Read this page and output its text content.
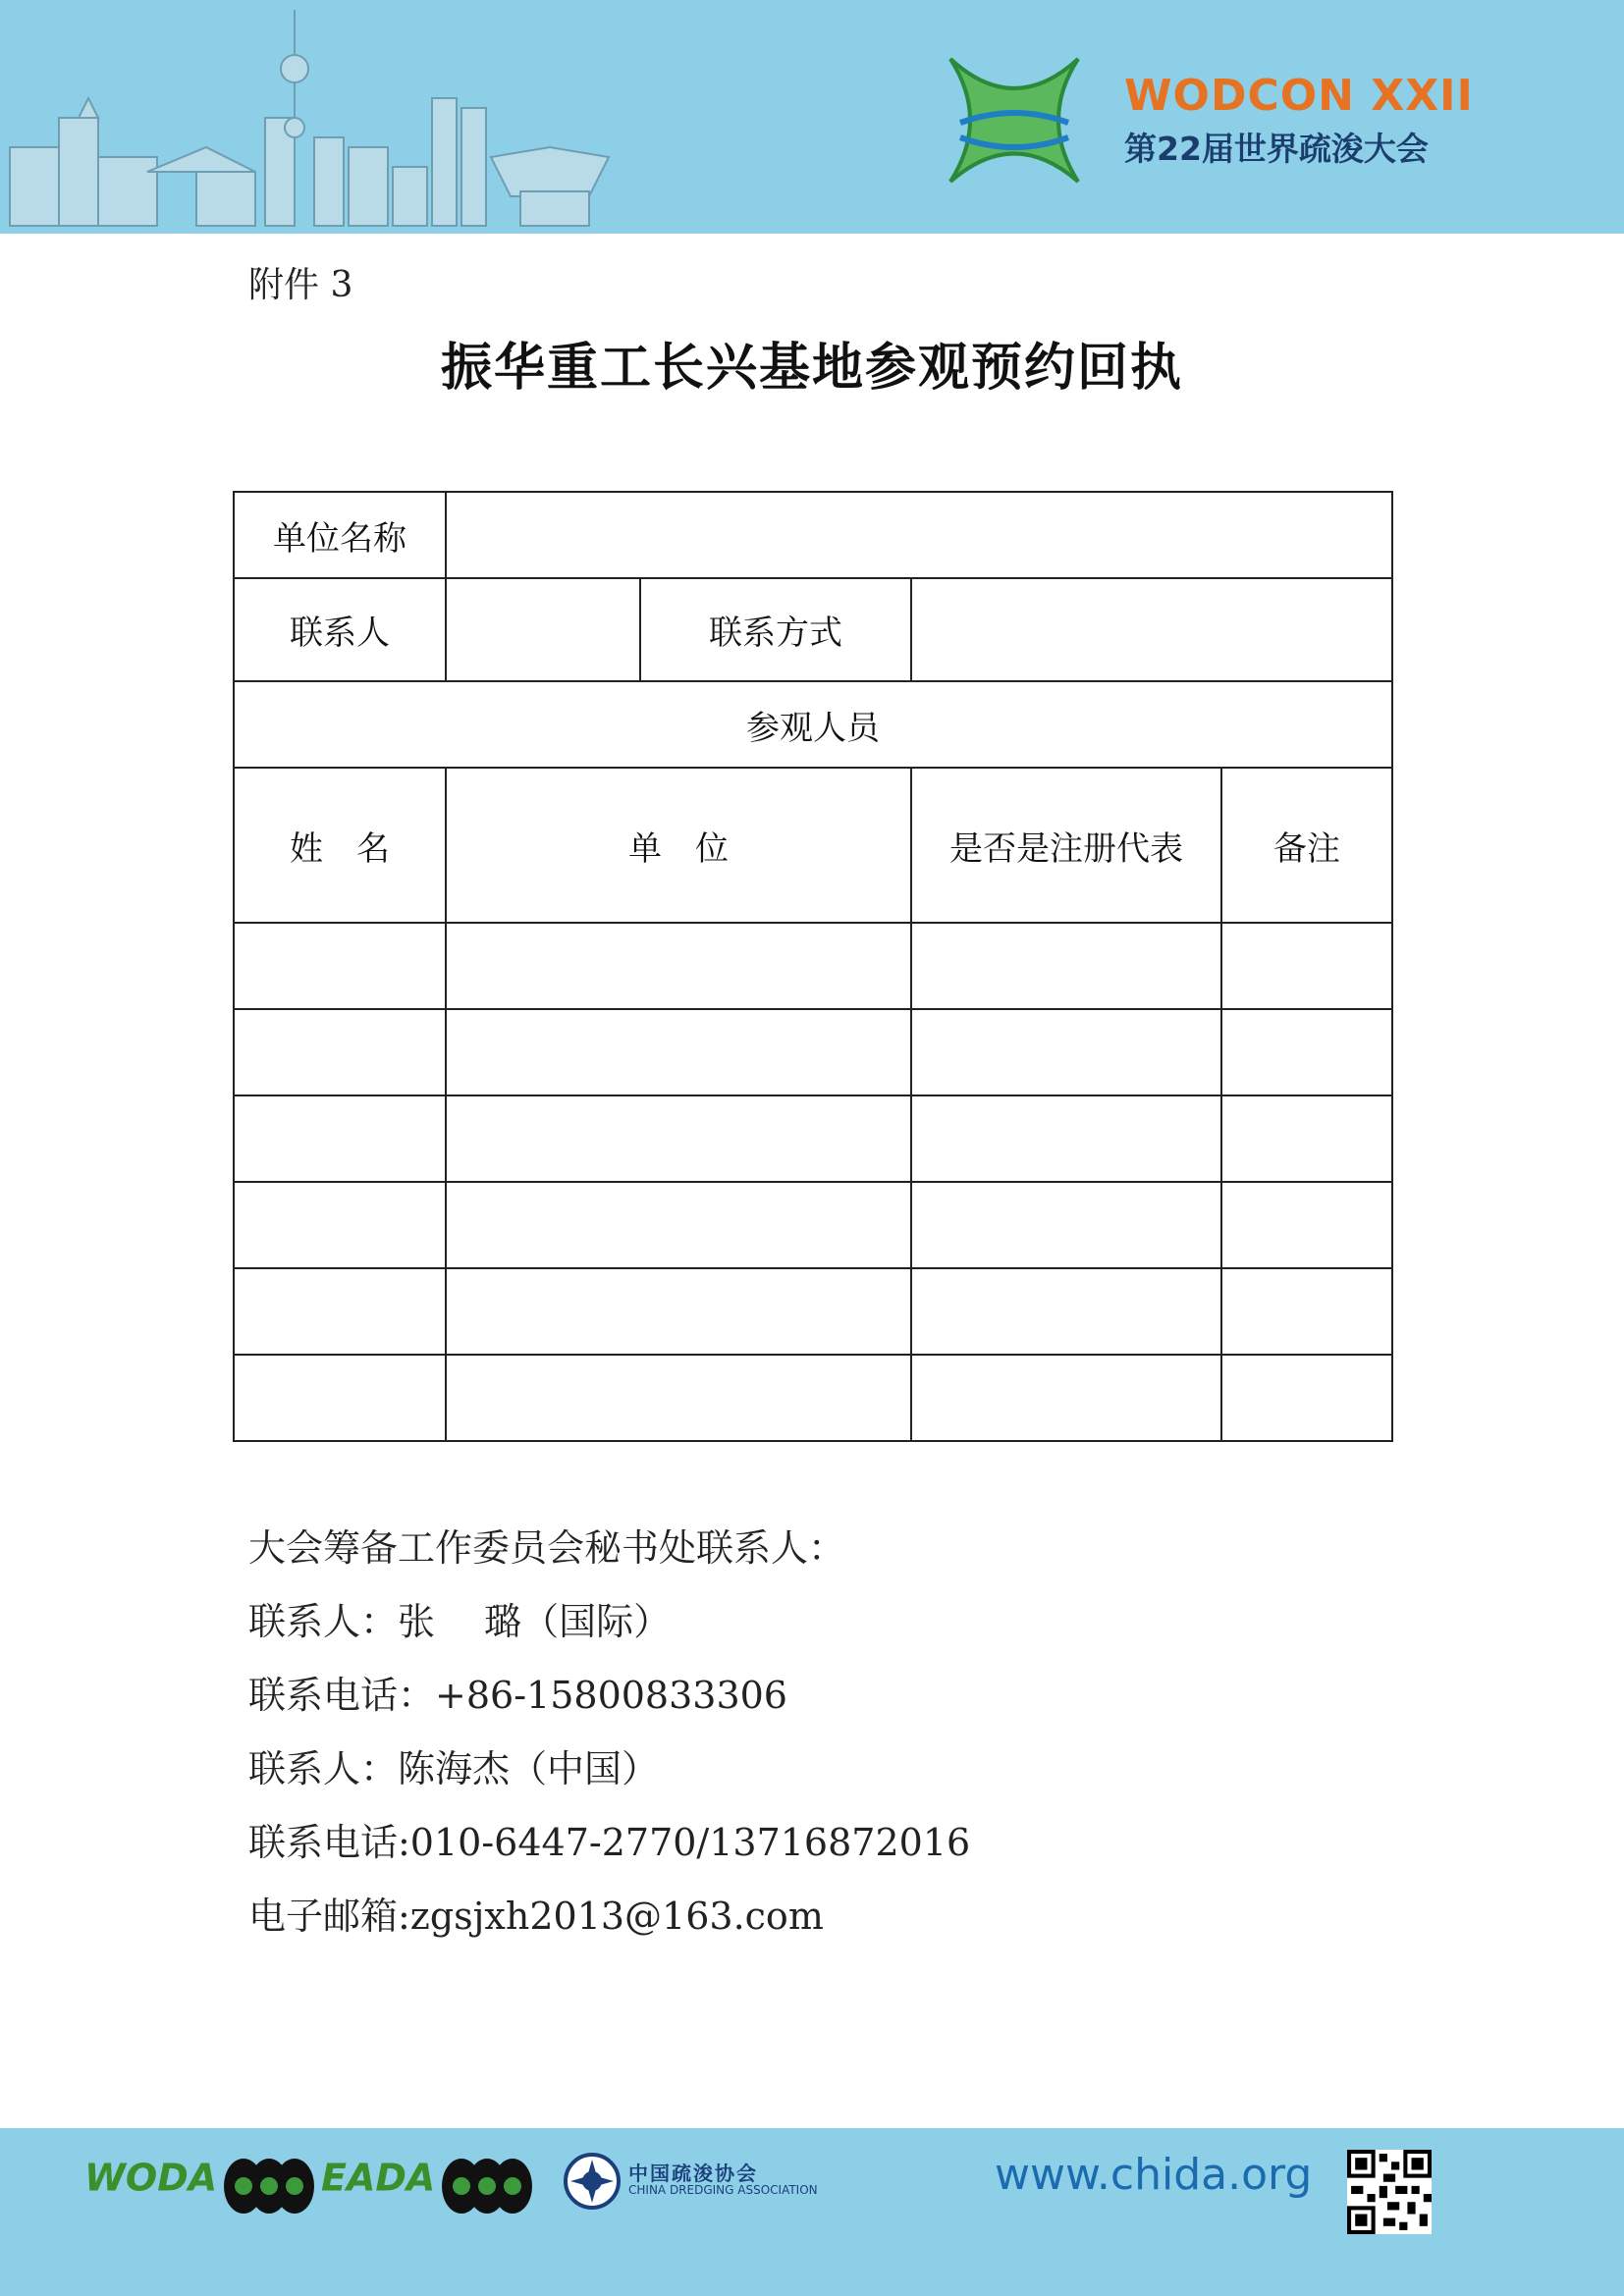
WODCON XXII
第22届世界疏浚大会
附件 3
振华重工长兴基地参观预约回执
单位名称				
联系人		联系方式		
参观人员				
姓　名	单　位		是否是注册代表	备注

大会筹备工作委员会秘书处联系人：
联系人：张　 璐（国际）
联系电话：+86-15800833306
联系人：陈海杰（中国）
联系电话:010-6447-2770/13716872016
电子邮箱:zgsjxh2013@163.com
WODA	EADA	中国疏浚协会
CHINA DREDGING ASSOCIATION	www.chida.org
